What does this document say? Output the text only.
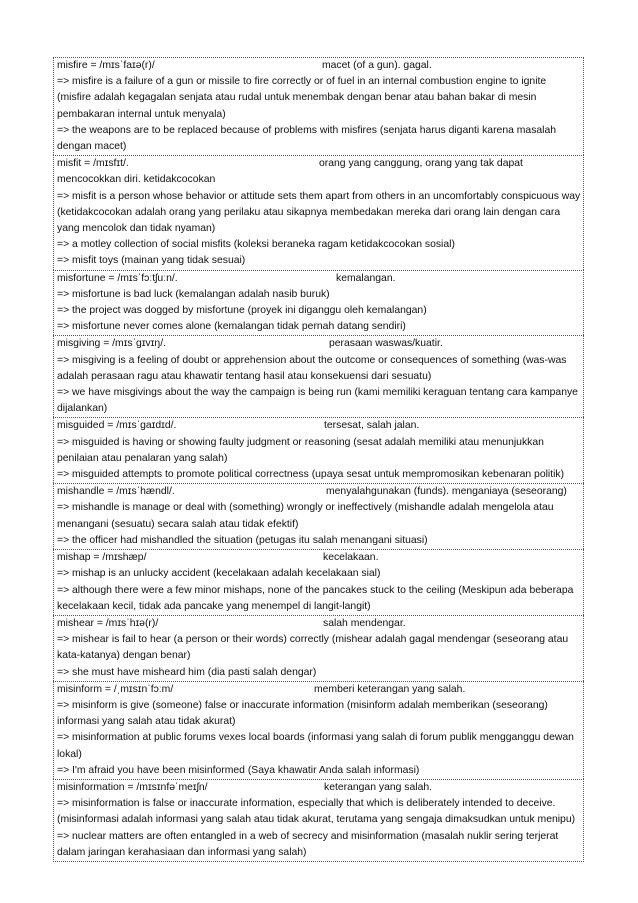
misfire = /mɪsˈfaɪə(r)/	macet (of a gun). gagal.
=> misfire is a failure of a gun or missile to fire correctly or of fuel in an internal combustion engine to ignite (misfire adalah kegagalan senjata atau rudal untuk menembak dengan benar atau bahan bakar di mesin pembakaran internal untuk menyala)
=> the weapons are to be replaced because of problems with misfires (senjata harus diganti karena masalah dengan macet)
misfit = /mɪsfɪt/.	orang yang canggung, orang yang tak dapat
mencocokkan diri. ketidakcocokan
=> misfit is a person whose behavior or attitude sets them apart from others in an uncomfortably conspicuous way (ketidakcocokan adalah orang yang perilaku atau sikapnya membedakan mereka dari orang lain dengan cara yang mencolok dan tidak nyaman)
=> a motley collection of social misfits (koleksi beraneka ragam ketidakcocokan sosial)
=> misfit toys (mainan yang tidak sesuai)
misfortune = /mɪsˈfɔːtʃuːn/.	kemalangan.
=> misfortune is bad luck (kemalangan adalah nasib buruk)
=> the project was dogged by misfortune (proyek ini diganggu oleh kemalangan)
=> misfortune never comes alone (kemalangan tidak pernah datang sendiri)
misgiving = /mɪsˈɡɪvɪŋ/.	perasaan waswas/kuatir.
=> misgiving is a feeling of doubt or apprehension about the outcome or consequences of something (was-was adalah perasaan ragu atau khawatir tentang hasil atau konsekuensi dari sesuatu)
=> we have misgivings about the way the campaign is being run (kami memiliki keraguan tentang cara kampanye dijalankan)
misguided = /mɪsˈɡaɪdɪd/.	tersesat, salah jalan.
=> misguided is having or showing faulty judgment or reasoning (sesat adalah memiliki atau menunjukkan penilaian atau penalaran yang salah)
=> misguided attempts to promote political correctness (upaya sesat untuk mempromosikan kebenaran politik)
mishandle = /mɪsˈhændl/.	menyalahgunakan (funds). menganiaya (seseorang)
=> mishandle is manage or deal with (something) wrongly or ineffectively (mishandle adalah mengelola atau menangani (sesuatu) secara salah atau tidak efektif)
=> the officer had mishandled the situation (petugas itu salah menangani situasi)
mishap = /mɪshæp/	kecelakaan.
=> mishap is an unlucky accident (kecelakaan adalah kecelakaan sial)
=> although there were a few minor mishaps, none of the pancakes stuck to the ceiling (Meskipun ada beberapa kecelakaan kecil, tidak ada pancake yang menempel di langit-langit)
mishear = /mɪsˈhɪə(r)/	salah mendengar.
=> mishear is fail to hear (a person or their words) correctly (mishear adalah gagal mendengar (seseorang atau kata-katanya) dengan benar)
=> she must have misheard him (dia pasti salah dengar)
misinform = /ˌmɪsɪnˈfɔːm/	memberi keterangan yang salah.
=> misinform is give (someone) false or inaccurate information (misinform adalah memberikan (seseorang) informasi yang salah atau tidak akurat)
=> misinformation at public forums vexes local boards (informasi yang salah di forum publik mengganggu dewan lokal)
=> I'm afraid you have been misinformed (Saya khawatir Anda salah informasi)
misinformation = /mɪsɪnfəˈmeɪʃn/	keterangan yang salah.
=> misinformation is false or inaccurate information, especially that which is deliberately intended to deceive. (misinformasi adalah informasi yang salah atau tidak akurat, terutama yang sengaja dimaksudkan untuk menipu)
=> nuclear matters are often entangled in a web of secrecy and misinformation (masalah nuklir sering terjerat dalam jaringan kerahasiaan dan informasi yang salah)
